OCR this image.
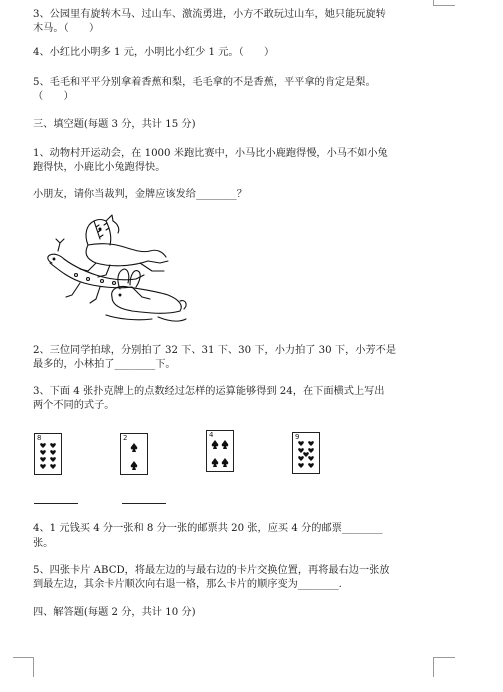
3、公园里有旋转木马、过山车、激流勇进，小方不敢玩过山车，她只能玩旋转
木马。（　　）
4、小红比小明多 1 元，小明比小红少 1 元。（　　）
5、毛毛和平平分别拿着香蕉和梨，毛毛拿的不是香蕉，平平拿的肯定是梨。
（　　）
三、填空题(每题 3 分，共计 15 分)
1、动物村开运动会，在 1000 米跑比赛中，小马比小鹿跑得慢，小马不如小兔
跑得快，小鹿比小兔跑得快。
小朋友，请你当裁判，金牌应该发给________？
2、三位同学拍球，分别拍了 32 下、31 下、30 下，小力拍了 30 下，小芳不是
最多的，小林拍了________下。
3、下面 4 张扑克牌上的点数经过怎样的运算能够得到 24，在下面横式上写出
两个不同的式子。
8	2	4	9
4、1 元钱买 4 分一张和 8 分一张的邮票共 20 张，应买 4 分的邮票________
张。
5、四张卡片 ABCD，将最左边的与最右边的卡片交换位置，再将最右边一张放
到最左边，其余卡片顺次向右退一格，那么卡片的顺序变为________.
四、解答题(每题 2 分，共计 10 分)
